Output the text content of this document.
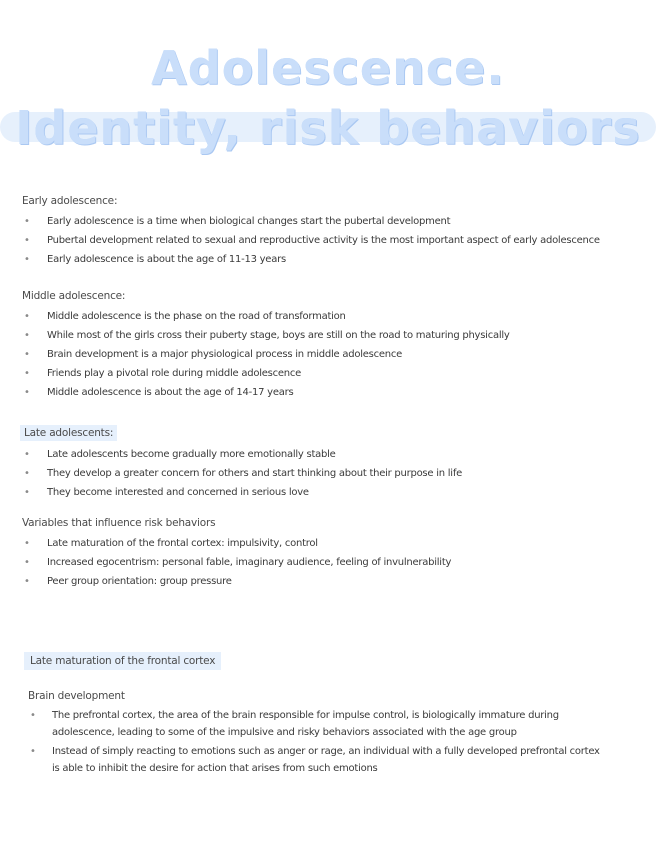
Adolescence.
Identity, risk behaviors
Early adolescence:
• Early adolescence is a time when biological changes start the pubertal development
• Pubertal development related to sexual and reproductive activity is the most important aspect of early adolescence
• Early adolescence is about the age of 11-13 years
Middle adolescence:
• Middle adolescence is the phase on the road of transformation
• While most of the girls cross their puberty stage, boys are still on the road to maturing physically
• Brain development is a major physiological process in middle adolescence
• Friends play a pivotal role during middle adolescence
• Middle adolescence is about the age of 14-17 years
Late adolescents:
• Late adolescents become gradually more emotionally stable
• They develop a greater concern for others and start thinking about their purpose in life
• They become interested and concerned in serious love
Variables that influence risk behaviors
• Late maturation of the frontal cortex: impulsivity, control
• Increased egocentrism: personal fable, imaginary audience, feeling of invulnerability
• Peer group orientation: group pressure
Late maturation of the frontal cortex
Brain development
• The prefrontal cortex, the area of the brain responsible for impulse control, is biologically immature during adolescence, leading to some of the impulsive and risky behaviors associated with the age group
• Instead of simply reacting to emotions such as anger or rage, an individual with a fully developed prefrontal cortex is able to inhibit the desire for action that arises from such emotions
